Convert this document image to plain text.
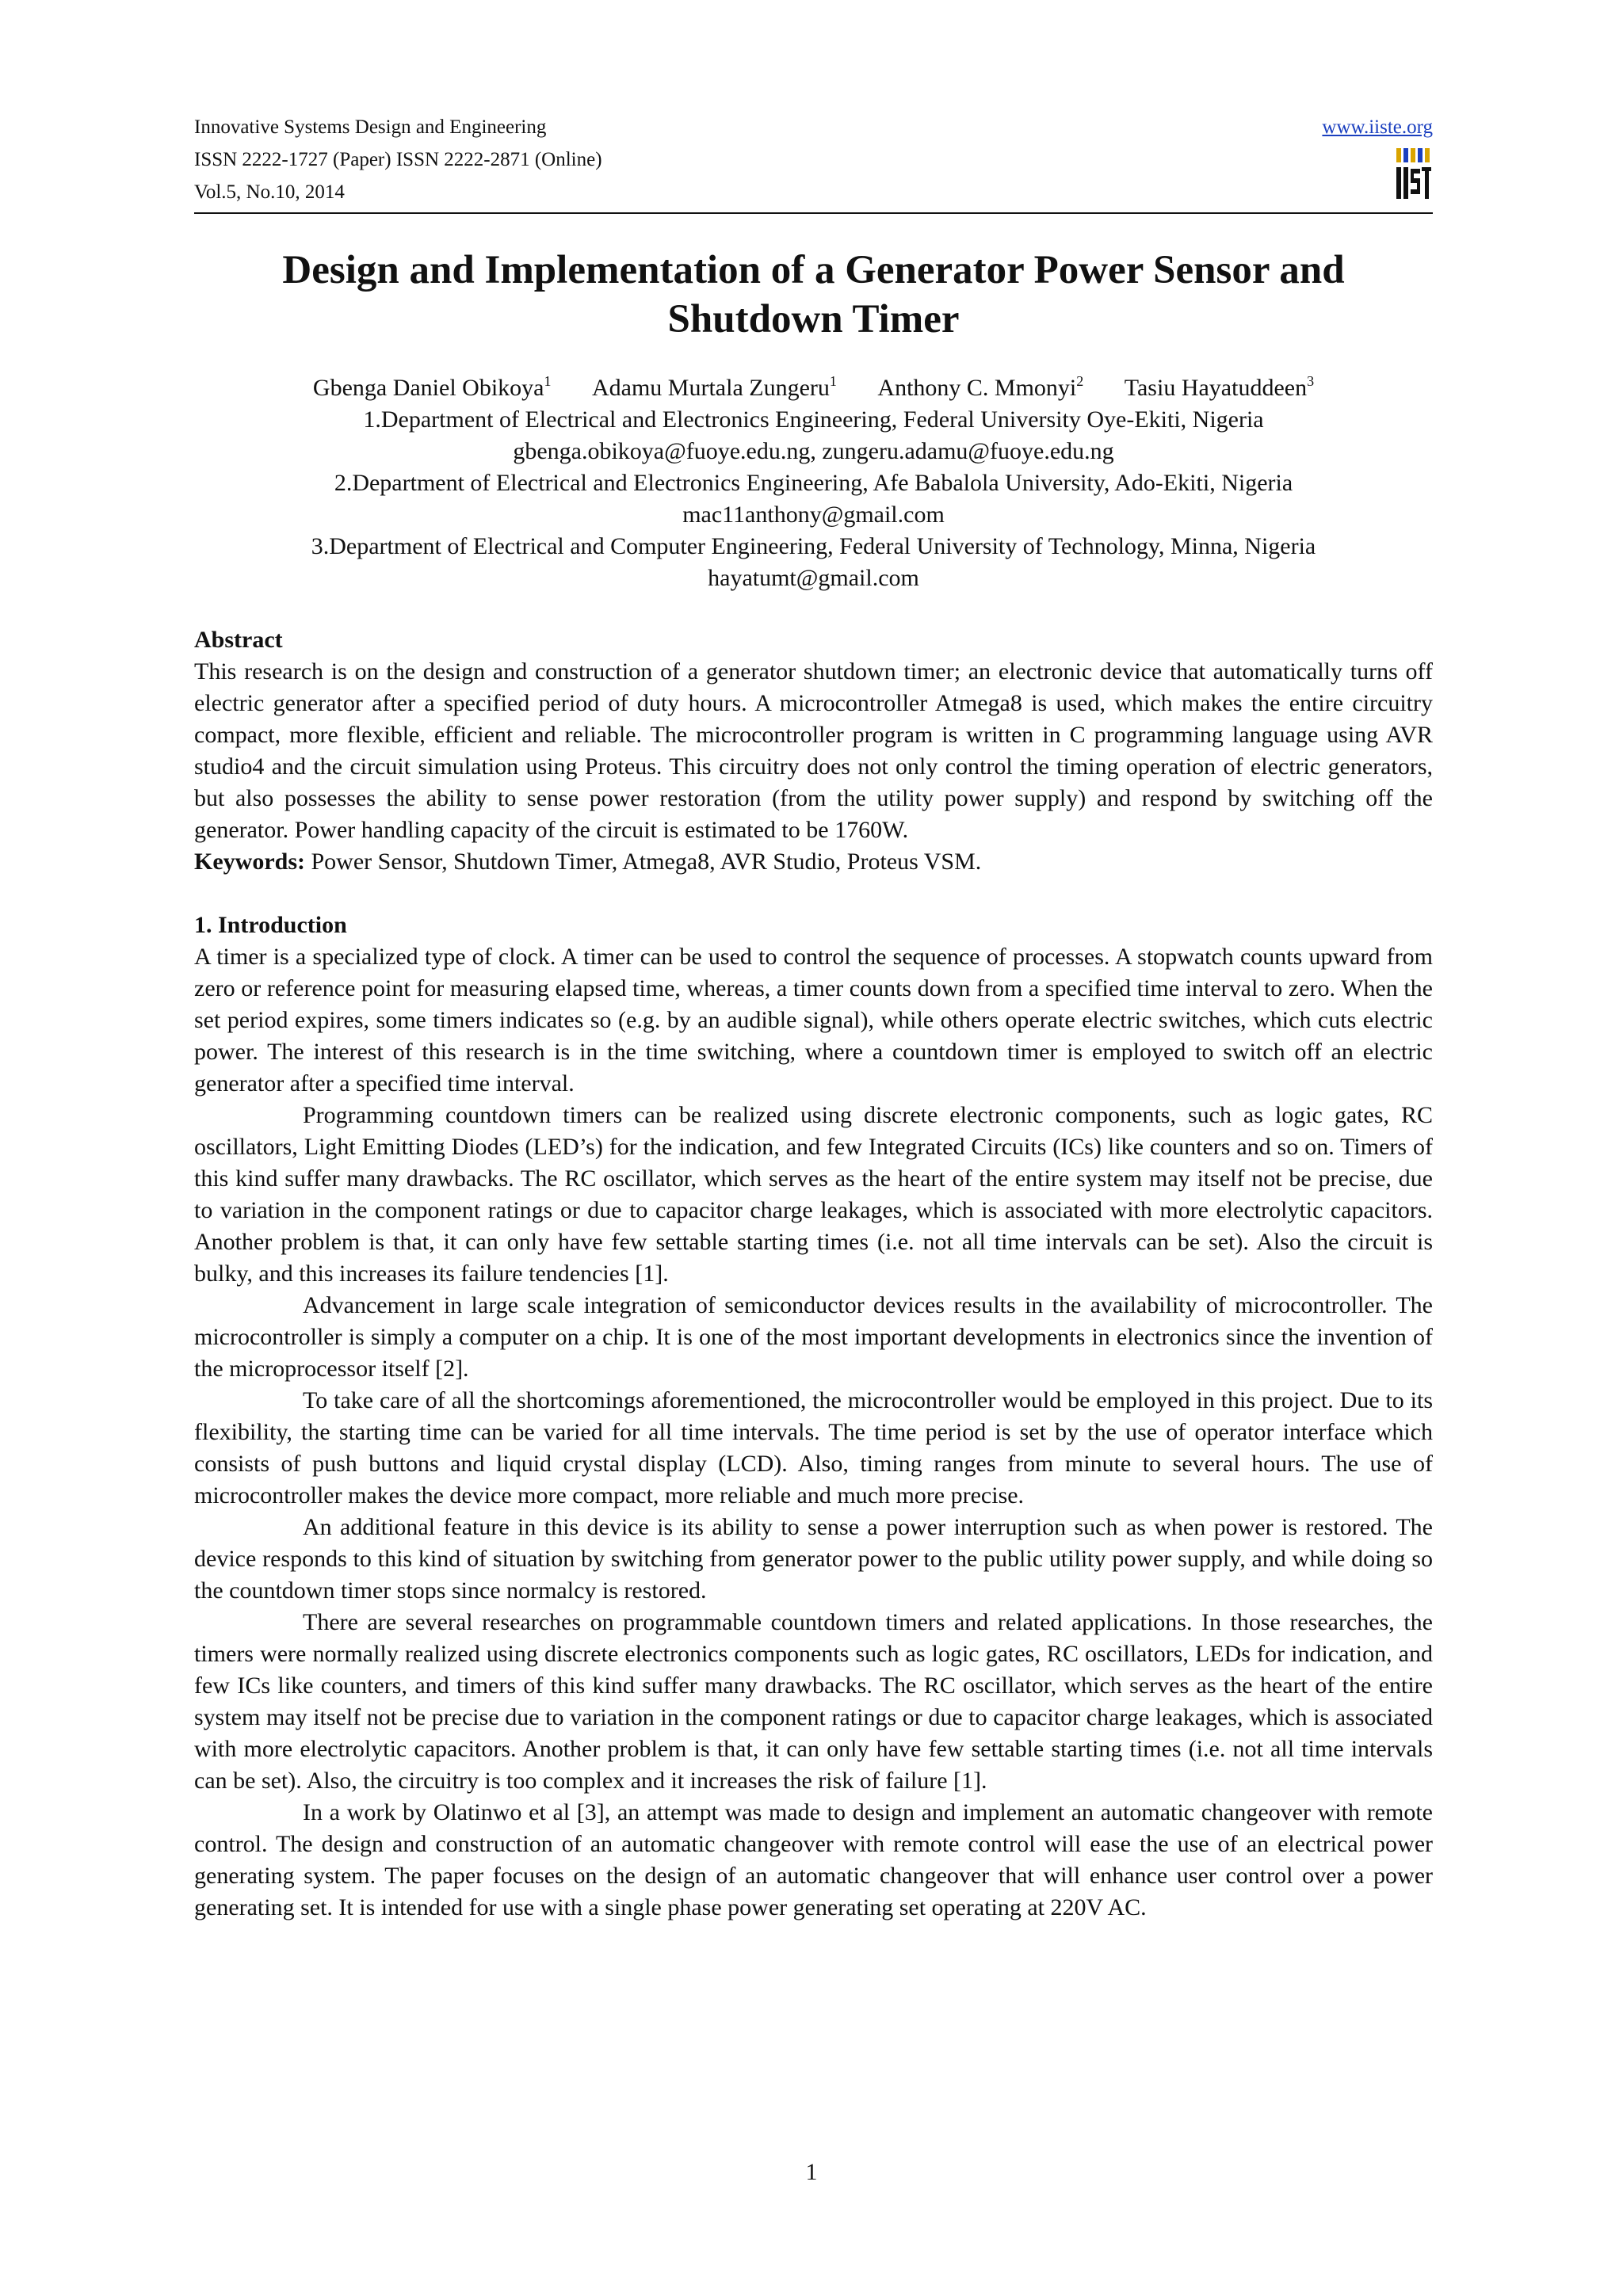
Innovative Systems Design and Engineering
ISSN 2222-1727 (Paper) ISSN 2222-2871 (Online)
Vol.5, No.10, 2014
www.iiste.org
Design and Implementation of a Generator Power Sensor and
Shutdown Timer
Gbenga Daniel Obikoya$^1$ Adamu Murtala Zungeru$^1$ Anthony C. Mmonyi$^2$ Tasiu Hayatuddeen$^3$
1.Department of Electrical and Electronics Engineering, Federal University Oye-Ekiti, Nigeria
gbenga.obikoya@fuoye.edu.ng, zungeru.adamu@fuoye.edu.ng
2.Department of Electrical and Electronics Engineering, Afe Babalola University, Ado-Ekiti, Nigeria
mac11anthony@gmail.com
3.Department of Electrical and Computer Engineering, Federal University of Technology, Minna, Nigeria
hayatumt@gmail.com
Abstract

This research is on the design and construction of a generator shutdown timer; an electronic device that automatically turns off electric generator after a specified period of duty hours. A microcontroller Atmega8 is used, which makes the entire circuitry compact, more flexible, efficient and reliable. The microcontroller program is written in C programming language using AVR studio4 and the circuit simulation using Proteus. This circuitry does not only control the timing operation of electric generators, but also possesses the ability to sense power restoration (from the utility power supply) and respond by switching off the generator. Power handling capacity of the circuit is estimated to be 1760W.

Keywords: Power Sensor, Shutdown Timer, Atmega8, AVR Studio, Proteus VSM.

1. Introduction

A timer is a specialized type of clock. A timer can be used to control the sequence of processes. A stopwatch counts upward from zero or reference point for measuring elapsed time, whereas, a timer counts down from a specified time interval to zero. When the set period expires, some timers indicates so (e.g. by an audible signal), while others operate electric switches, which cuts electric power. The interest of this research is in the time switching, where a countdown timer is employed to switch off an electric generator after a specified time interval.

Programming countdown timers can be realized using discrete electronic components, such as logic gates, RC oscillators, Light Emitting Diodes (LED’s) for the indication, and few Integrated Circuits (ICs) like counters and so on. Timers of this kind suffer many drawbacks. The RC oscillator, which serves as the heart of the entire system may itself not be precise, due to variation in the component ratings or due to capacitor charge leakages, which is associated with more electrolytic capacitors. Another problem is that, it can only have few settable starting times (i.e. not all time intervals can be set). Also the circuit is bulky, and this increases its failure tendencies [1].

Advancement in large scale integration of semiconductor devices results in the availability of microcontroller. The microcontroller is simply a computer on a chip. It is one of the most important developments in electronics since the invention of the microprocessor itself [2].

To take care of all the shortcomings aforementioned, the microcontroller would be employed in this project. Due to its flexibility, the starting time can be varied for all time intervals. The time period is set by the use of operator interface which consists of push buttons and liquid crystal display (LCD). Also, timing ranges from minute to several hours. The use of microcontroller makes the device more compact, more reliable and much more precise.

An additional feature in this device is its ability to sense a power interruption such as when power is restored. The device responds to this kind of situation by switching from generator power to the public utility power supply, and while doing so the countdown timer stops since normalcy is restored.

There are several researches on programmable countdown timers and related applications. In those researches, the timers were normally realized using discrete electronics components such as logic gates, RC oscillators, LEDs for indication, and few ICs like counters, and timers of this kind suffer many drawbacks. The RC oscillator, which serves as the heart of the entire system may itself not be precise due to variation in the component ratings or due to capacitor charge leakages, which is associated with more electrolytic capacitors. Another problem is that, it can only have few settable starting times (i.e. not all time intervals can be set). Also, the circuitry is too complex and it increases the risk of failure [1].

In a work by Olatinwo et al [3], an attempt was made to design and implement an automatic changeover with remote control. The design and construction of an automatic changeover with remote control will ease the use of an electrical power generating system. The paper focuses on the design of an automatic changeover that will enhance user control over a power generating set. It is intended for use with a single phase power generating set operating at 220V AC.

1
